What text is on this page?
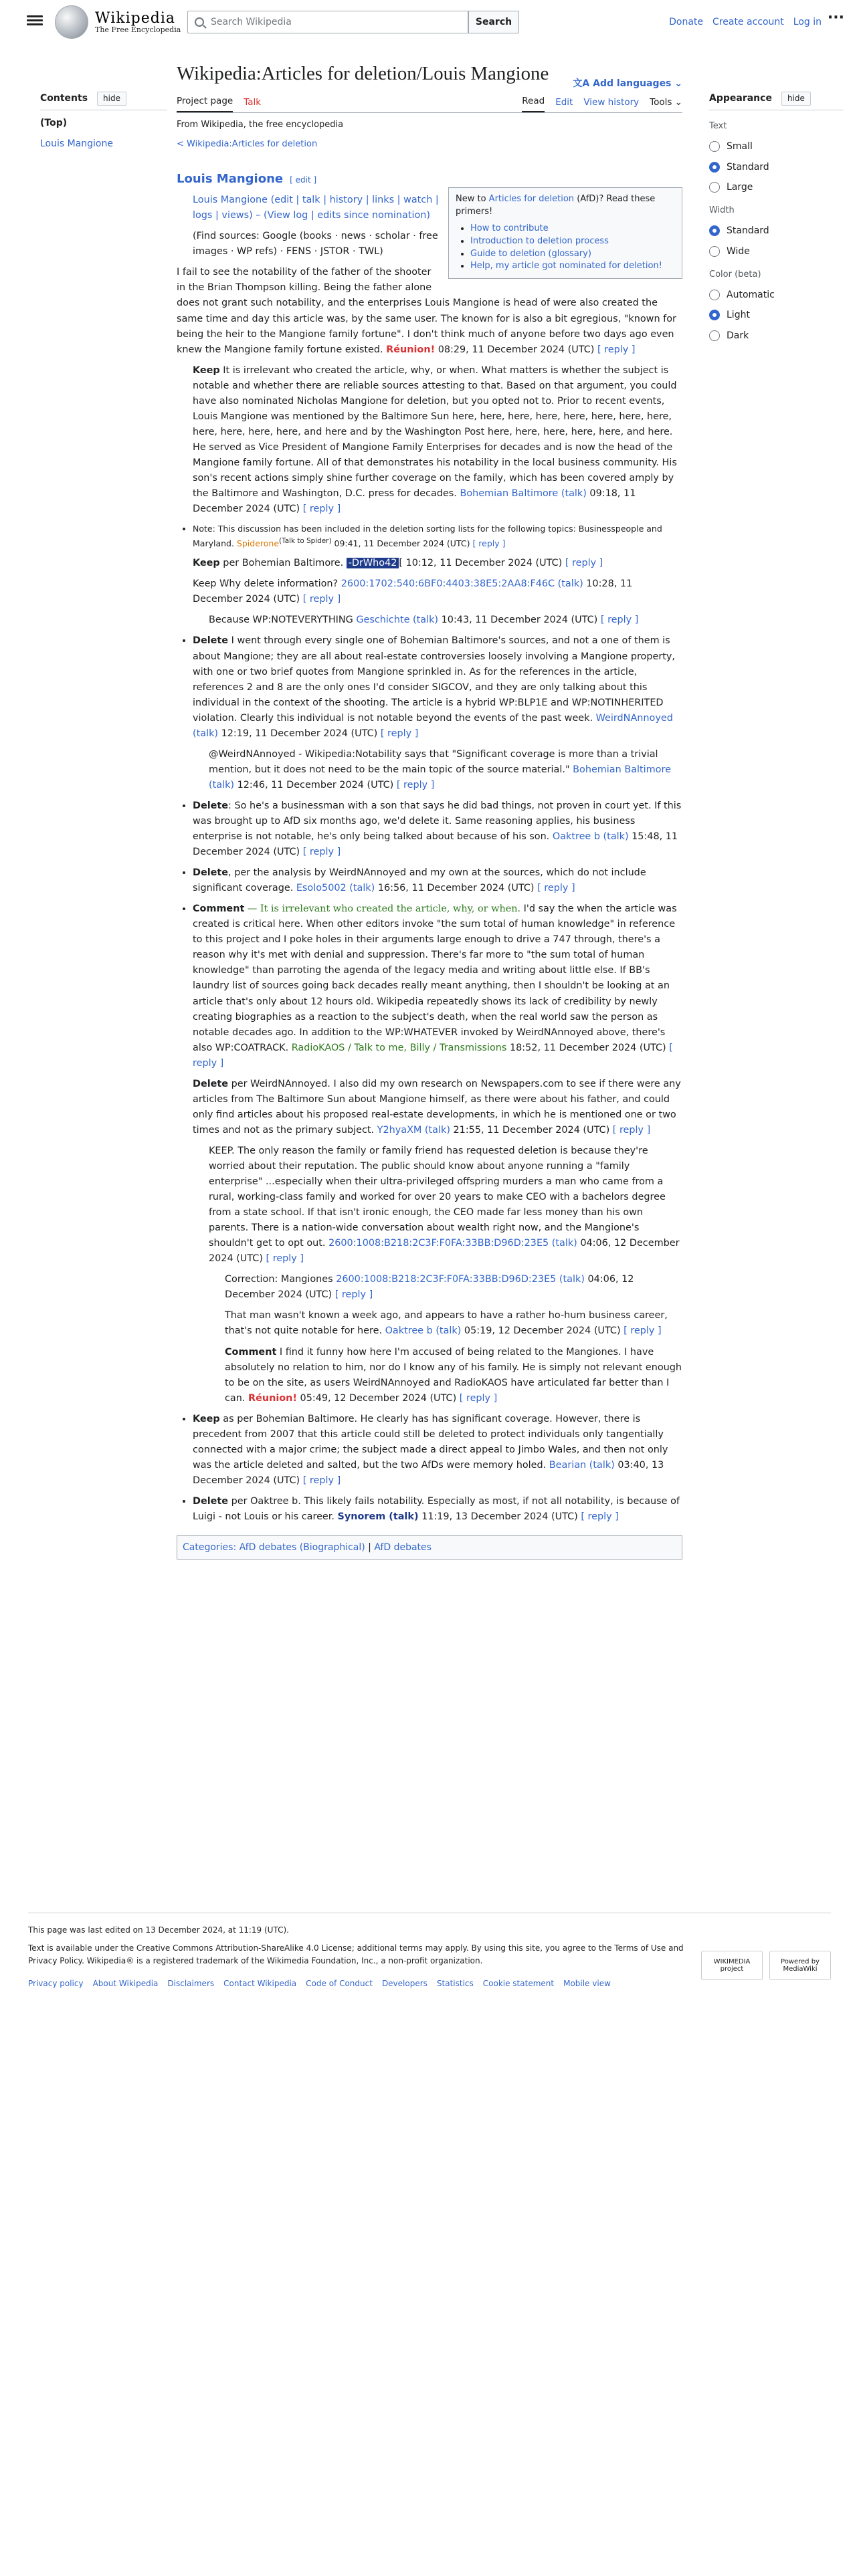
Wikipedia
The Free Encyclopedia
Search Wikipedia	Search	Donate Create account Log in ···
Contents	hide
(Top)
Louis Mangione
Appearance	hide
Text
Small
Standard
Large
Width
Standard
Wide
Color (beta)
Automatic
Light
Dark
Wikipedia:Articles for deletion/Louis Mangione	文A Add languages ⌄
Project page Talk	Read Edit View history Tools ⌄
From Wikipedia, the free encyclopedia
< Wikipedia:Articles for deletion
Louis Mangione [ edit ]
New to Articles for deletion (AfD)? Read these primers!
• How to contribute
• Introduction to deletion process
• Guide to deletion (glossary)
• Help, my article got nominated for deletion!
Louis Mangione (edit | talk | history | links | watch | logs | views) – (View log | edits since nomination)
(Find sources: Google (books · news · scholar · free images · WP refs) · FENS · JSTOR · TWL)
I fail to see the notability of the father of the shooter in the Brian Thompson killing. Being the father alone does not grant such notability, and the enterprises Louis Mangione is head of were also created the same time and day this article was, by the same user. The known for is also a bit egregious, "known for being the heir to the Mangione family fortune". I don't think much of anyone before two days ago even knew the Mangione family fortune existed. Réunion! 08:29, 11 December 2024 (UTC) [ reply ]
Keep It is irrelevant who created the article, why, or when. What matters is whether the subject is notable and whether there are reliable sources attesting to that. Based on that argument, you could have also nominated Nicholas Mangione for deletion, but you opted not to. Prior to recent events, Louis Mangione was mentioned by the Baltimore Sun here, here, here, here, here, here, here, here, here, here, here, here, and here and by the Washington Post here, here, here, here, here, and here. He served as Vice President of Mangione Family Enterprises for decades and is now the head of the Mangione family fortune. All of that demonstrates his notability in the local business community. His son's recent actions simply shine further coverage on the family, which has been covered amply by the Baltimore and Washington, D.C. press for decades. Bohemian Baltimore (talk) 09:18, 11 December 2024 (UTC) [ reply ]
• Note: This discussion has been included in the deletion sorting lists for the following topics: Businesspeople and Maryland. Spiderone$^{(Talk to Spider)}$ 09:41, 11 December 2024 (UTC) [ reply ]
Keep per Bohemian Baltimore. -DrWho42 [ 10:12, 11 December 2024 (UTC) [ reply ]
Keep Why delete information? 2600:1702:540:6BF0:4403:38E5:2AA8:F46C (talk) 10:28, 11 December 2024 (UTC) [ reply ]
Because WP:NOTEVERYTHING Geschichte (talk) 10:43, 11 December 2024 (UTC) [ reply ]
• Delete I went through every single one of Bohemian Baltimore's sources, and not a one of them is about Mangione; they are all about real-estate controversies loosely involving a Mangione property, with one or two brief quotes from Mangione sprinkled in. As for the references in the article, references 2 and 8 are the only ones I'd consider SIGCOV, and they are only talking about this individual in the context of the shooting. The article is a hybrid WP:BLP1E and WP:NOTINHERITED violation. Clearly this individual is not notable beyond the events of the past week. WeirdNAnnoyed (talk) 12:19, 11 December 2024 (UTC) [ reply ]
@WeirdNAnnoyed - Wikipedia:Notability says that "Significant coverage is more than a trivial mention, but it does not need to be the main topic of the source material." Bohemian Baltimore (talk) 12:46, 11 December 2024 (UTC) [ reply ]
• Delete: So he's a businessman with a son that says he did bad things, not proven in court yet. If this was brought up to AfD six months ago, we'd delete it. Same reasoning applies, his business enterprise is not notable, he's only being talked about because of his son. Oaktree b (talk) 15:48, 11 December 2024 (UTC) [ reply ]
• Delete, per the analysis by WeirdNAnnoyed and my own at the sources, which do not include significant coverage. Esolo5002 (talk) 16:56, 11 December 2024 (UTC) [ reply ]
• Comment — It is irrelevant who created the article, why, or when. I'd say the when the article was created is critical here. When other editors invoke "the sum total of human knowledge" in reference to this project and I poke holes in their arguments large enough to drive a 747 through, there's a reason why it's met with denial and suppression. There's far more to "the sum total of human knowledge" than parroting the agenda of the legacy media and writing about little else. If BB's laundry list of sources going back decades really meant anything, then I shouldn't be looking at an article that's only about 12 hours old. Wikipedia repeatedly shows its lack of credibility by newly creating biographies as a reaction to the subject's death, when the real world saw the person as notable decades ago. In addition to the WP:WHATEVER invoked by WeirdNAnnoyed above, there's also WP:COATRACK. RadioKAOS / Talk to me, Billy / Transmissions 18:52, 11 December 2024 (UTC) [ reply ]
Delete per WeirdNAnnoyed. I also did my own research on Newspapers.com to see if there were any articles from The Baltimore Sun about Mangione himself, as there were about his father, and could only find articles about his proposed real-estate developments, in which he is mentioned one or two times and not as the primary subject. Y2hyaXM (talk) 21:55, 11 December 2024 (UTC) [ reply ]
KEEP. The only reason the family or family friend has requested deletion is because they're worried about their reputation. The public should know about anyone running a "family enterprise" ...especially when their ultra-privileged offspring murders a man who came from a rural, working-class family and worked for over 20 years to make CEO with a bachelors degree from a state school. If that isn't ironic enough, the CEO made far less money than his own parents. There is a nation-wide conversation about wealth right now, and the Mangione's shouldn't get to opt out. 2600:1008:B218:2C3F:F0FA:33BB:D96D:23E5 (talk) 04:06, 12 December 2024 (UTC) [ reply ]
Correction: Mangiones 2600:1008:B218:2C3F:F0FA:33BB:D96D:23E5 (talk) 04:06, 12 December 2024 (UTC) [ reply ]
That man wasn't known a week ago, and appears to have a rather ho-hum business career, that's not quite notable for here. Oaktree b (talk) 05:19, 12 December 2024 (UTC) [ reply ]
Comment I find it funny how here I'm accused of being related to the Mangiones. I have absolutely no relation to him, nor do I know any of his family. He is simply not relevant enough to be on the site, as users WeirdNAnnoyed and RadioKAOS have articulated far better than I can. Réunion! 05:49, 12 December 2024 (UTC) [ reply ]
• Keep as per Bohemian Baltimore. He clearly has has significant coverage. However, there is precedent from 2007 that this article could still be deleted to protect individuals only tangentially connected with a major crime; the subject made a direct appeal to Jimbo Wales, and then not only was the article deleted and salted, but the two AfDs were memory holed. Bearian (talk) 03:40, 13 December 2024 (UTC) [ reply ]
• Delete per Oaktree b. This likely fails notability. Especially as most, if not all notability, is because of Luigi - not Louis or his career. Synorem (talk) 11:19, 13 December 2024 (UTC) [ reply ]
Categories: AfD debates (Biographical) | AfD debates

This page was last edited on 13 December 2024, at 11:19 (UTC).

Text is available under the Creative Commons Attribution-ShareAlike 4.0 License; additional terms may apply. By using this site, you agree to the Terms of Use and Privacy Policy. Wikipedia® is a registered trademark of the Wikimedia Foundation, Inc., a non-profit organization.

Privacy policy About Wikipedia Disclaimers Contact Wikipedia Code of Conduct Developers Statistics Cookie statement Mobile view
WIKIMEDIA project
Powered by MediaWiki
